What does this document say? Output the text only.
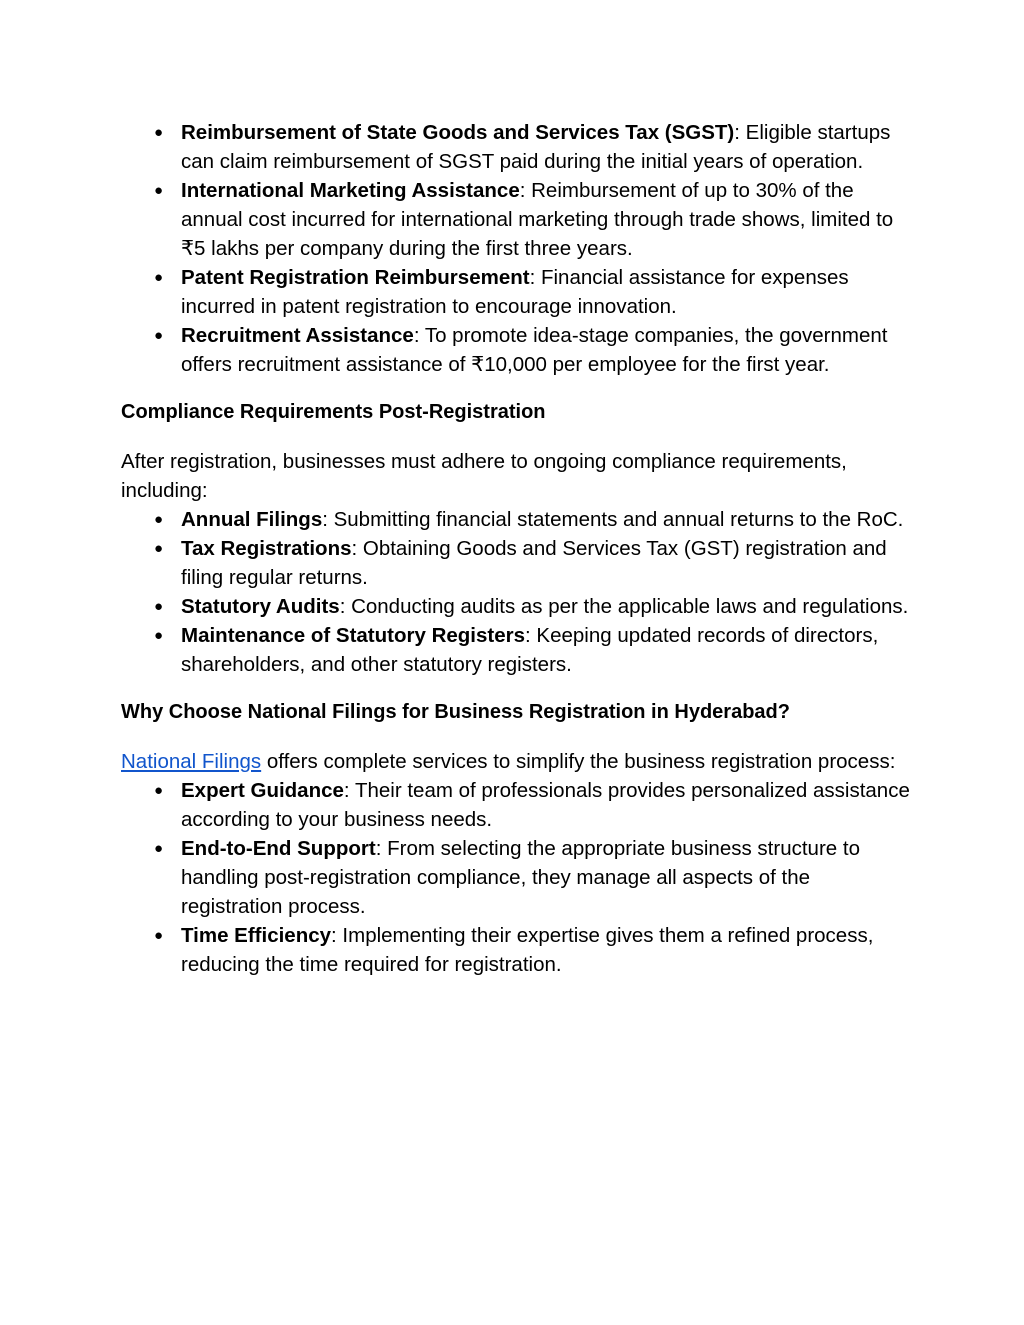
● Reimbursement of State Goods and Services Tax (SGST): Eligible startups can claim reimbursement of SGST paid during the initial years of operation.
● International Marketing Assistance: Reimbursement of up to 30% of the annual cost incurred for international marketing through trade shows, limited to ₹5 lakhs per company during the first three years.
● Patent Registration Reimbursement: Financial assistance for expenses incurred in patent registration to encourage innovation.
● Recruitment Assistance: To promote idea-stage companies, the government offers recruitment assistance of ₹10,000 per employee for the first year.
Compliance Requirements Post-Registration

After registration, businesses must adhere to ongoing compliance requirements, including:

● Annual Filings: Submitting financial statements and annual returns to the RoC.
● Tax Registrations: Obtaining Goods and Services Tax (GST) registration and filing regular returns.
● Statutory Audits: Conducting audits as per the applicable laws and regulations.
● Maintenance of Statutory Registers: Keeping updated records of directors, shareholders, and other statutory registers.
Why Choose National Filings for Business Registration in Hyderabad?

National Filings offers complete services to simplify the business registration process:

● Expert Guidance: Their team of professionals provides personalized assistance according to your business needs.
● End-to-End Support: From selecting the appropriate business structure to handling post-registration compliance, they manage all aspects of the registration process.
● Time Efficiency: Implementing their expertise gives them a refined process, reducing the time required for registration.
